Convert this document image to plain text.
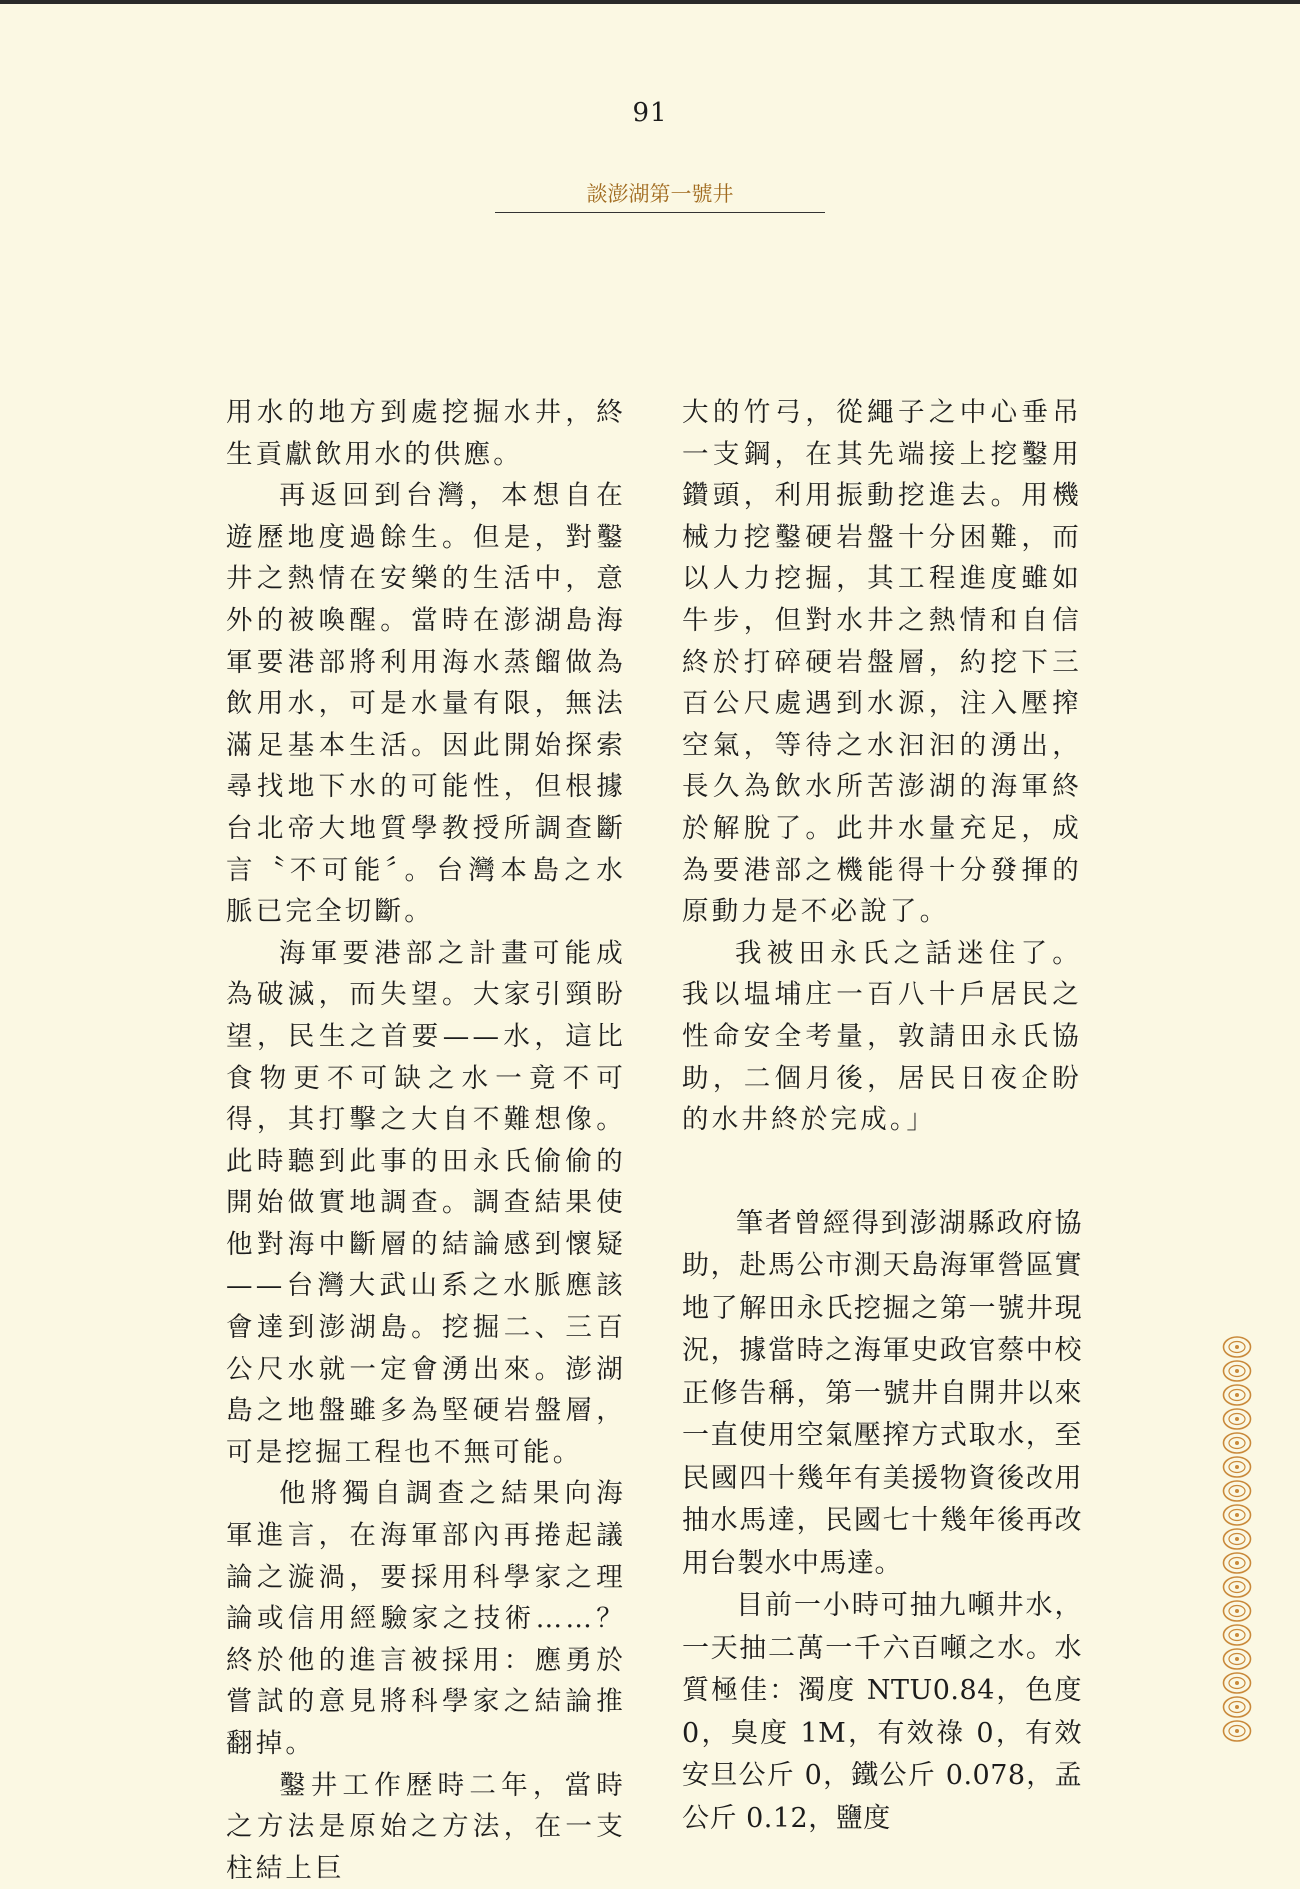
91
談澎湖第一號井

用水的地方到處挖掘水井，終生貢獻飲用水的供應。

再返回到台灣，本想自在遊歷地度過餘生。但是，對鑿井之熱情在安樂的生活中，意外的被喚醒。當時在澎湖島海軍要港部將利用海水蒸餾做為飲用水，可是水量有限，無法滿足基本生活。因此開始探索尋找地下水的可能性，但根據台北帝大地質學教授所調查斷言〝不可能〞。台灣本島之水脈已完全切斷。

海軍要港部之計畫可能成為破滅，而失望。大家引頸盼望，民生之首要——水，這比食物更不可缺之水一竟不可得，其打擊之大自不難想像。此時聽到此事的田永氏偷偷的開始做實地調查。調查結果使他對海中斷層的結論感到懷疑——台灣大武山系之水脈應該會達到澎湖島。挖掘二、三百公尺水就一定會湧出來。澎湖島之地盤雖多為堅硬岩盤層，可是挖掘工程也不無可能。

他將獨自調查之結果向海軍進言，在海軍部內再捲起議論之漩渦，要採用科學家之理論或信用經驗家之技術……？終於他的進言被採用：應勇於嘗試的意見將科學家之結論推翻掉。

鑿井工作歷時二年，當時之方法是原始之方法，在一支柱結上巨

大的竹弓，從繩子之中心垂吊一支鋼，在其先端接上挖鑿用鑽頭，利用振動挖進去。用機械力挖鑿硬岩盤十分困難，而以人力挖掘，其工程進度雖如牛步，但對水井之熱情和自信終於打碎硬岩盤層，約挖下三百公尺處遇到水源，注入壓搾空氣，等待之水汩汩的湧出，長久為飲水所苦澎湖的海軍終於解脫了。此井水量充足，成為要港部之機能得十分發揮的原動力是不必說了。

我被田永氏之話迷住了。我以塭埔庄一百八十戶居民之性命安全考量，敦請田永氏協助，二個月後，居民日夜企盼的水井終於完成。」

筆者曾經得到澎湖縣政府協助，赴馬公市測天島海軍營區實地了解田永氏挖掘之第一號井現況，據當時之海軍史政官蔡中校正修告稱，第一號井自開井以來一直使用空氣壓搾方式取水，至民國四十幾年有美援物資後改用抽水馬達，民國七十幾年後再改用台製水中馬達。

目前一小時可抽九噸井水，一天抽二萬一千六百噸之水。水質極佳：濁度 NTU0.84，色度 0，臭度 1M，有效祿 0，有效安旦公斤 0，鐵公斤 0.078，孟公斤 0.12，鹽度
